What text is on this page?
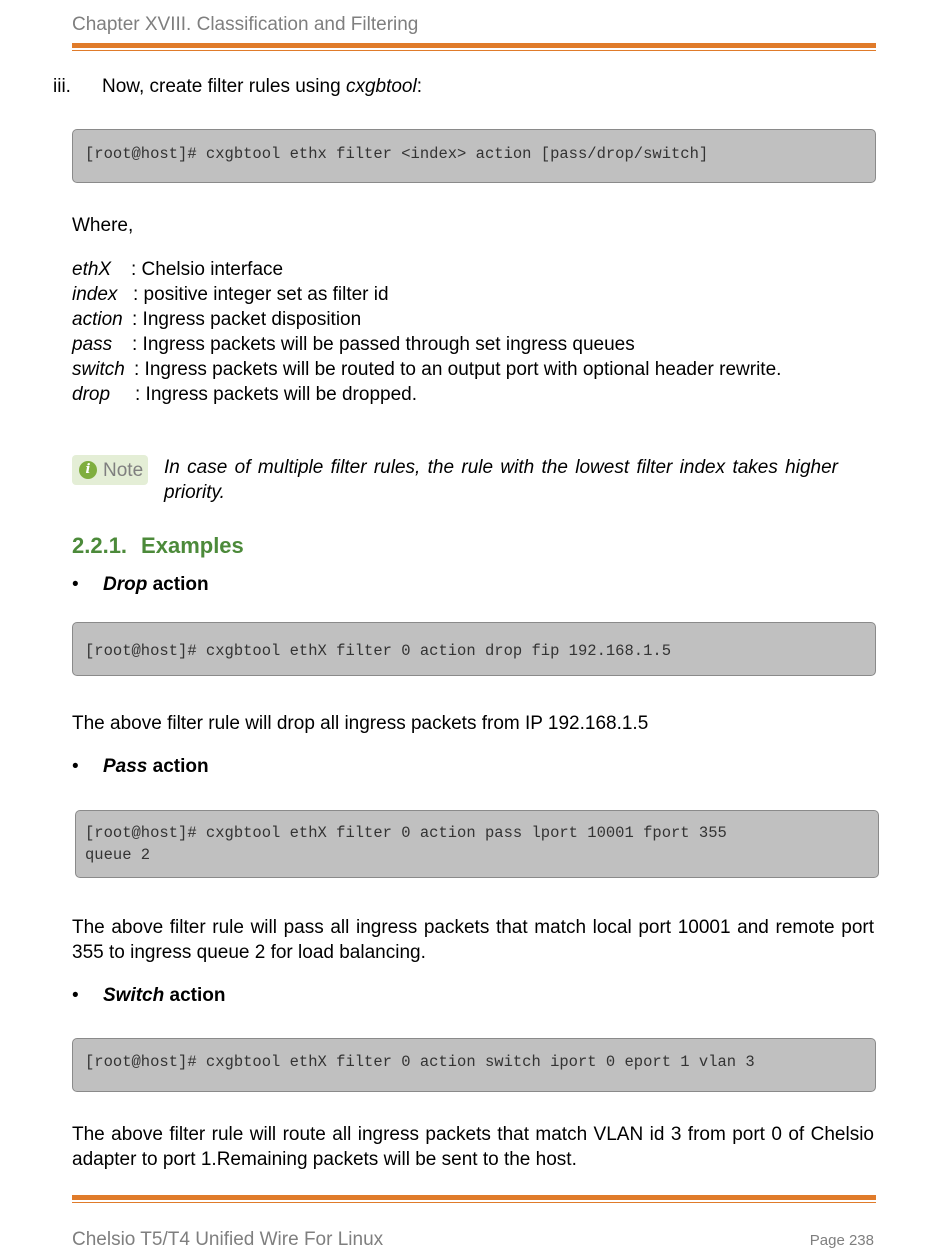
Chapter XVIII. Classification and Filtering
iii. Now, create filter rules using cxgbtool:
[root@host]# cxgbtool ethx filter <index> action [pass/drop/switch]
Where,
ethX : Chelsio interface
index : positive integer set as filter id
action : Ingress packet disposition
pass : Ingress packets will be passed through set ingress queues
switch : Ingress packets will be routed to an output port with optional header rewrite.
drop : Ingress packets will be dropped.
i Note In case of multiple filter rules, the rule with the lowest filter index takes higher priority.
2.2.1. Examples
• Drop action
[root@host]# cxgbtool ethX filter 0 action drop fip 192.168.1.5
The above filter rule will drop all ingress packets from IP 192.168.1.5
• Pass action
[root@host]# cxgbtool ethX filter 0 action pass lport 10001 fport 355
queue 2
The above filter rule will pass all ingress packets that match local port 10001 and remote port 355 to ingress queue 2 for load balancing.
• Switch action
[root@host]# cxgbtool ethX filter 0 action switch iport 0 eport 1 vlan 3
The above filter rule will route all ingress packets that match VLAN id 3 from port 0 of Chelsio adapter to port 1.Remaining packets will be sent to the host.
Chelsio T5/T4 Unified Wire For Linux	Page 238
